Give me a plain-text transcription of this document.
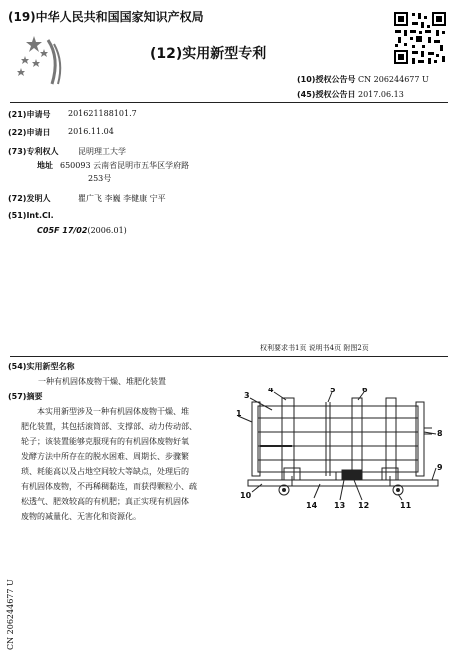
(19)中华人民共和国国家知识产权局
(12)实用新型专利
(10)授权公告号 CN 206244677 U
(45)授权公告日 2017.06.13
(21)申请号 201621188101.7
(22)申请日 2016.11.04
(73)专利权人 昆明理工大学
地址 650093 云南省昆明市五华区学府路
253号
(72)发明人	瞿广飞 李巍 李健康 宁平
(51)Int.Cl.
C05F 17/02(2006.01)
权利要求书1页 说明书4页 附图2页
(54)实用新型名称
一种有机固体废物干燥、堆肥化装置
(57)摘要
本实用新型涉及一种有机固体废物干燥、堆
肥化装置，其包括滚筒部、支撑部、动力传动部、
轮子；该装置能够克服现有的有机固体废物好氧
发酵方法中所存在的脱水困难、周期长、步骤繁
琐、耗能高以及占地空间较大等缺点，处理后的
有机固体废物，不再稀稠黏连，而获得颗粒小、疏
松透气、肥效较高的有机肥；真正实现有机固体
废物的减量化、无害化和资源化。
3
4	5	6
1
8
9
10
14 13 12	11
CN 206244677 U
